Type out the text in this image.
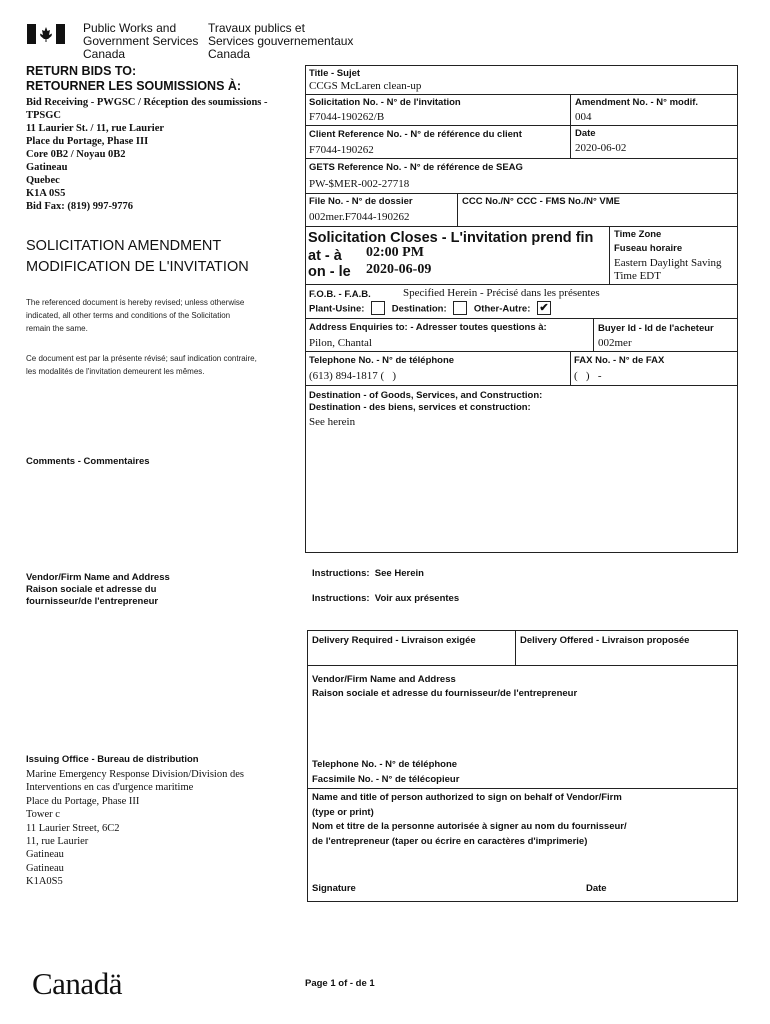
Public Works and
Government Services
Canada
Travaux publics et
Services gouvernementaux
Canada
RETURN BIDS TO:
RETOURNER LES SOUMISSIONS À:
Bid Receiving - PWGSC / Réception des soumissions -
TPSGC
11 Laurier St. / 11, rue Laurier
Place du Portage, Phase III
Core 0B2 / Noyau 0B2
Gatineau
Quebec
K1A 0S5
Bid Fax: (819) 997-9776
SOLICITATION AMENDMENT
MODIFICATION DE L'INVITATION
The referenced document is hereby revised; unless otherwise
indicated, all other terms and conditions of the Solicitation
remain the same.
Ce document est par la présente révisé; sauf indication contraire,
les modalités de l'invitation demeurent les mêmes.
Comments - Commentaires
Vendor/Firm Name and Address
Raison sociale et adresse du
fournisseur/de l'entrepreneur
Issuing Office - Bureau de distribution
Marine Emergency Response Division/Division des
Interventions en cas d'urgence maritime
Place du Portage, Phase III
Tower c
11 Laurier Street, 6C2
11, rue Laurier
Gatineau
Gatineau
K1A0S5
Title - Sujet
CCGS McLaren clean-up
Solicitation No. - N° de l'invitation
F7044-190262/B
Amendment No. - N° modif.
004
Client Reference No. - N° de référence du client
F7044-190262
Date
2020-06-02
GETS Reference No. - N° de référence de SEAG
PW-$MER-002-27718
File No. - N° de dossier
002mer.F7044-190262
CCC No./N° CCC - FMS No./N° VME
Solicitation Closes - L'invitation prend fin
at - à 02:00 PM
on - le 2020-06-09
Time Zone
Fuseau horaire
Eastern Daylight Saving
Time EDT
F.O.B. - F.A.B.	Specified Herein - Précisé dans les présentes
Plant-Usine:	Destination:	Other-Autre: ✔
Address Enquiries to: - Adresser toutes questions à:
Pilon, Chantal
Buyer Id - Id de l'acheteur
002mer
Telephone No. - N° de téléphone
(613) 894-1817 (   )
FAX No. - N° de FAX
(   )   -
Destination - of Goods, Services, and Construction:
Destination - des biens, services et construction:
See herein
Instructions:  See Herein
Instructions:  Voir aux présentes
Delivery Required - Livraison exigée	Delivery Offered - Livraison proposée
Vendor/Firm Name and Address
Raison sociale et adresse du fournisseur/de l'entrepreneur
Telephone No. - N° de téléphone
Facsimile No. - N° de télécopieur
Name and title of person authorized to sign on behalf of Vendor/Firm
(type or print)
Nom et titre de la personne autorisée à signer au nom du fournisseur/
de l'entrepreneur (taper ou écrire en caractères d'imprimerie)
Signature	Date
Canadä	Page 1 of - de 1
